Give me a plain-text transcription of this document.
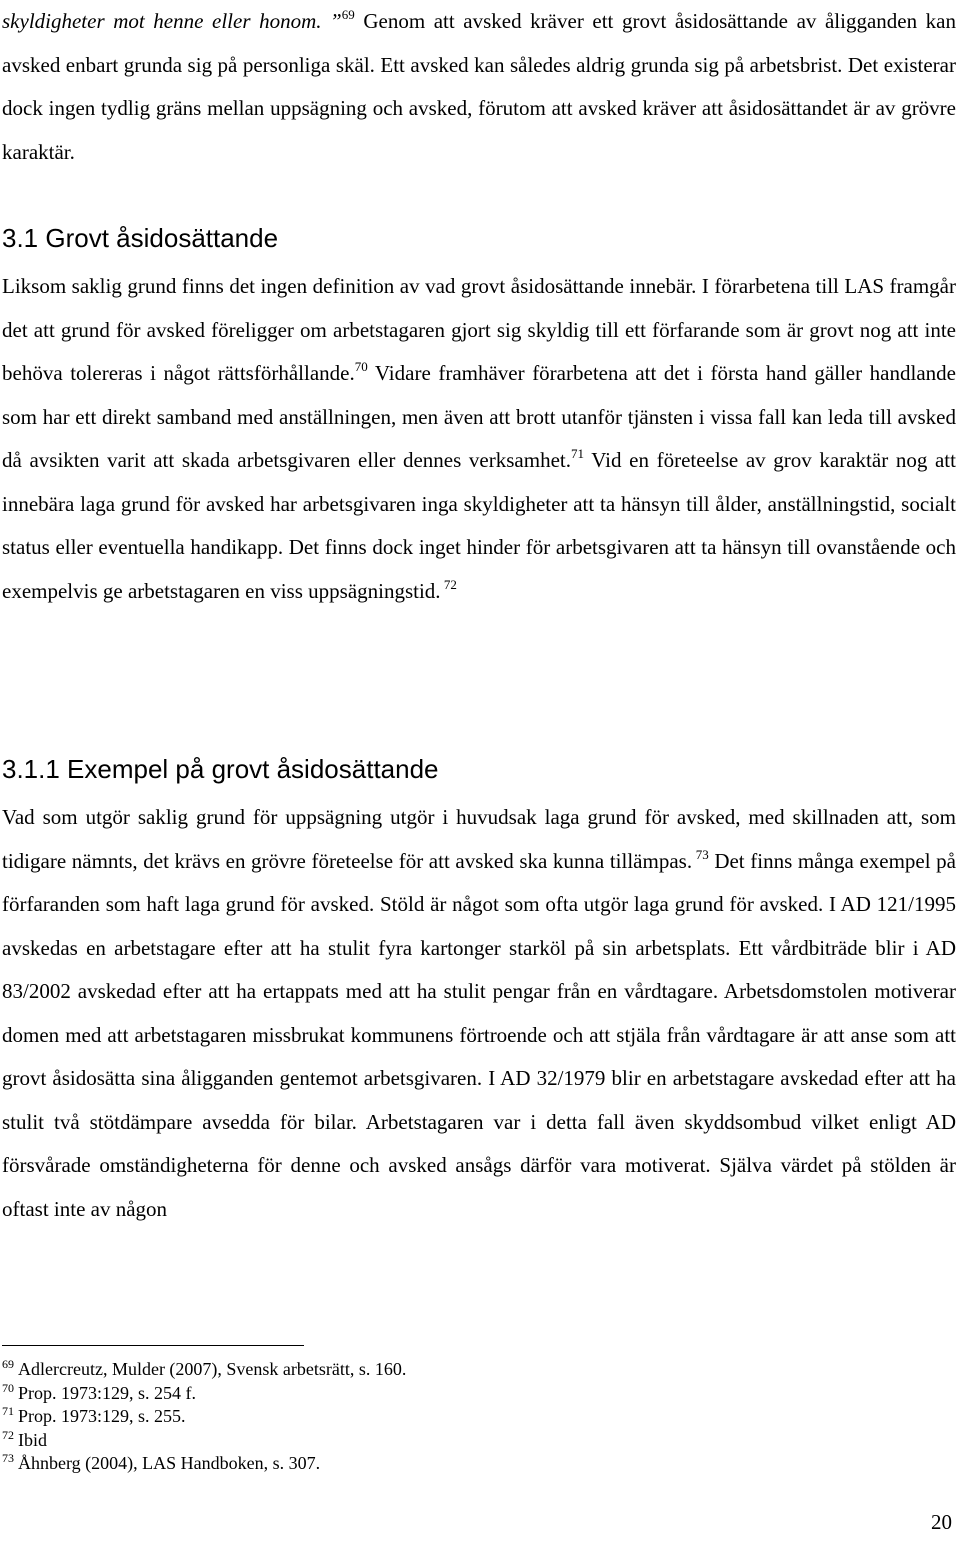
skyldigheter mot henne eller honom. ”$^{69}$ Genom att avsked kräver ett grovt åsidosättande av åligganden kan avsked enbart grunda sig på personliga skäl. Ett avsked kan således aldrig grunda sig på arbetsbrist. Det existerar dock ingen tydlig gräns mellan uppsägning och avsked, förutom att avsked kräver att åsidosättandet är av grövre karaktär.

3.1 Grovt åsidosättande

Liksom saklig grund finns det ingen definition av vad grovt åsidosättande innebär. I förarbetena till LAS framgår det att grund för avsked föreligger om arbetstagaren gjort sig skyldig till ett förfarande som är grovt nog att inte behöva tolereras i något rättsförhållande.$^{70}$ Vidare framhäver förarbetena att det i första hand gäller handlande som har ett direkt samband med anställningen, men även att brott utanför tjänsten i vissa fall kan leda till avsked då avsikten varit att skada arbetsgivaren eller dennes verksamhet.$^{71}$ Vid en företeelse av grov karaktär nog att innebära laga grund för avsked har arbetsgivaren inga skyldigheter att ta hänsyn till ålder, anställningstid, socialt status eller eventuella handikapp. Det finns dock inget hinder för arbetsgivaren att ta hänsyn till ovanstående och exempelvis ge arbetstagaren en viss uppsägningstid. $^{72}$

3.1.1 Exempel på grovt åsidosättande

Vad som utgör saklig grund för uppsägning utgör i huvudsak laga grund för avsked, med skillnaden att, som tidigare nämnts, det krävs en grövre företeelse för att avsked ska kunna tillämpas. $^{73}$ Det finns många exempel på förfaranden som haft laga grund för avsked. Stöld är något som ofta utgör laga grund för avsked. I AD 121/1995 avskedas en arbetstagare efter att ha stulit fyra kartonger starköl på sin arbetsplats. Ett vårdbiträde blir i AD 83/2002 avskedad efter att ha ertappats med att ha stulit pengar från en vårdtagare. Arbetsdomstolen motiverar domen med att arbetstagaren missbrukat kommunens förtroende och att stjäla från vårdtagare är att anse som att grovt åsidosätta sina åligganden gentemot arbetsgivaren. I AD 32/1979 blir en arbetstagare avskedad efter att ha stulit två stötdämpare avsedda för bilar. Arbetstagaren var i detta fall även skyddsombud vilket enligt AD försvårade omständigheterna för denne och avsked ansågs därför vara motiverat. Själva värdet på stölden är oftast inte av någon

$^{69}$ Adlercreutz, Mulder (2007), Svensk arbetsrätt, s. 160.
$^{70}$ Prop. 1973:129, s. 254 f.
$^{71}$ Prop. 1973:129, s. 255.
$^{72}$ Ibid
$^{73}$ Åhnberg (2004), LAS Handboken, s. 307.
20
